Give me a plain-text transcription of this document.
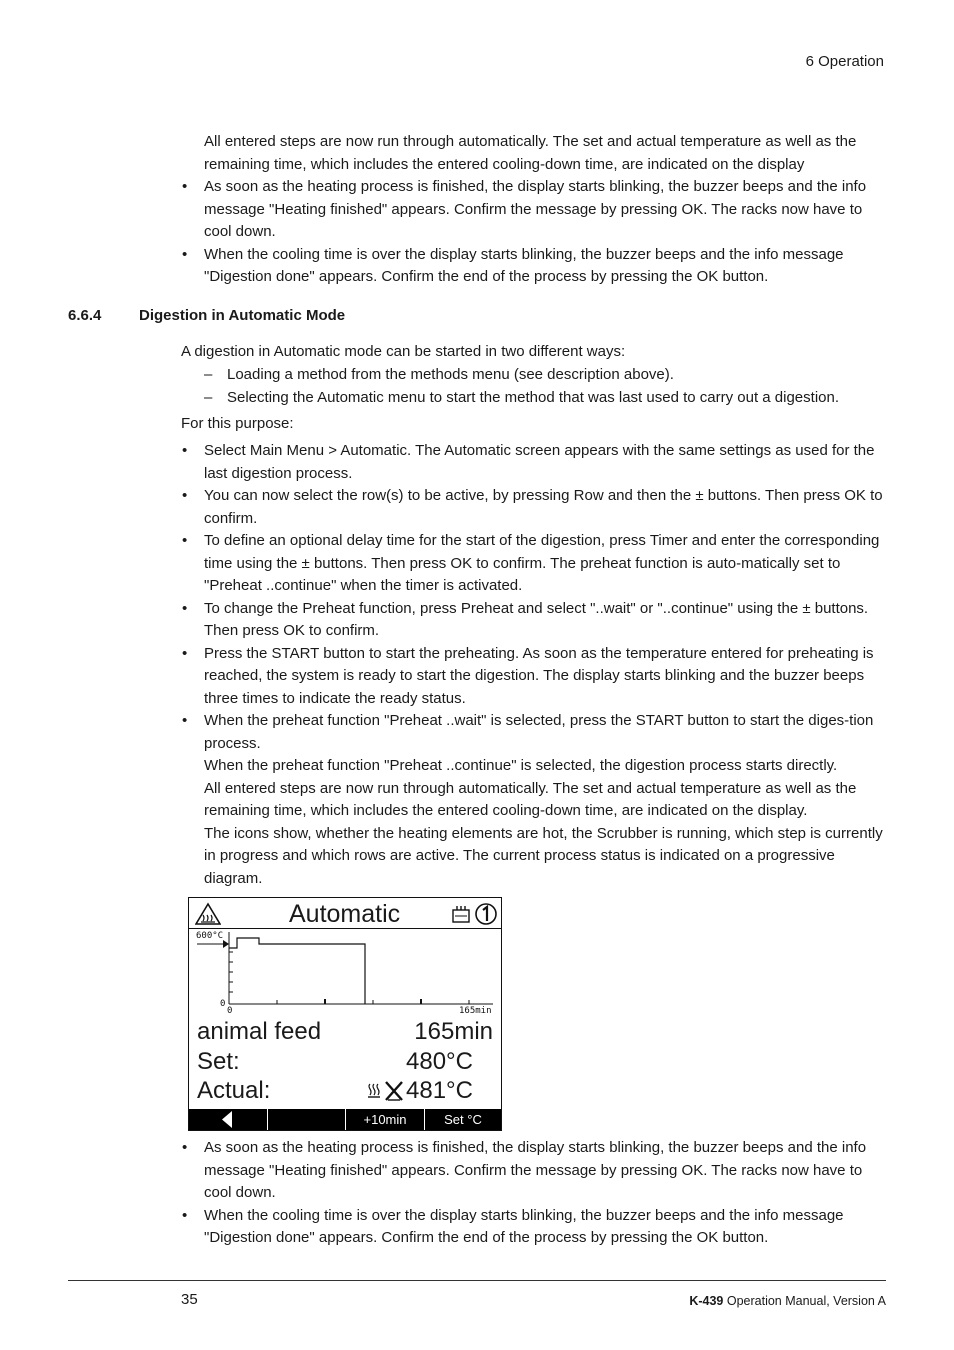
6 Operation

All entered steps are now run through automatically. The set and actual temperature as well as the remaining time, which includes the entered cooling-down time, are indicated on the display

• As soon as the heating process is finished, the display starts blinking, the buzzer beeps and the info message "Heating finished" appears. Confirm the message by pressing OK. The racks now have to cool down.
• When the cooling time is over the display starts blinking, the buzzer beeps and the info message "Digestion done" appears. Confirm the end of the process by pressing the OK button.
6.6.4	Digestion in Automatic Mode
A digestion in Automatic mode can be started in two different ways:
– Loading a method from the methods menu (see description above).
– Selecting the Automatic menu to start the method that was last used to carry out a digestion.
For this purpose:
• Select Main Menu > Automatic. The Automatic screen appears with the same settings as used for the last digestion process.
• You can now select the row(s) to be active, by pressing Row and then the ± buttons. Then press OK to confirm.
• To define an optional delay time for the start of the digestion, press Timer and enter the corresponding time using the ± buttons. Then press OK to confirm. The preheat function is auto-matically set to "Preheat ..continue" when the timer is activated.
• To change the Preheat function, press Preheat and select "..wait" or "..continue" using the ± buttons. Then press OK to confirm.
• Press the START button to start the preheating. As soon as the temperature entered for preheating is reached, the system is ready to start the digestion. The display starts blinking and the buzzer beeps three times to indicate the ready status.
• When the preheat function "Preheat ..wait" is selected, press the START button to start the diges-tion process.
When the preheat function "Preheat ..continue" is selected, the digestion process starts directly.
All entered steps are now run through automatically. The set and actual temperature as well as the remaining time, which includes the entered cooling-down time, are indicated on the display.
The icons show, whether the heating elements are hot, the Scrubber is running, which step is currently in progress and which rows are active. The current process status is indicated on a progressive diagram.
Automatic
600°C
0
0	165min
animal feed	165min
Set:	480°C
Actual:	481°C
+10min	Set °C
• As soon as the heating process is finished, the display starts blinking, the buzzer beeps and the info message "Heating finished" appears. Confirm the message by pressing OK. The racks now have to cool down.
• When the cooling time is over the display starts blinking, the buzzer beeps and the info message "Digestion done" appears. Confirm the end of the process by pressing the OK button.
35	K-439 Operation Manual, Version A
